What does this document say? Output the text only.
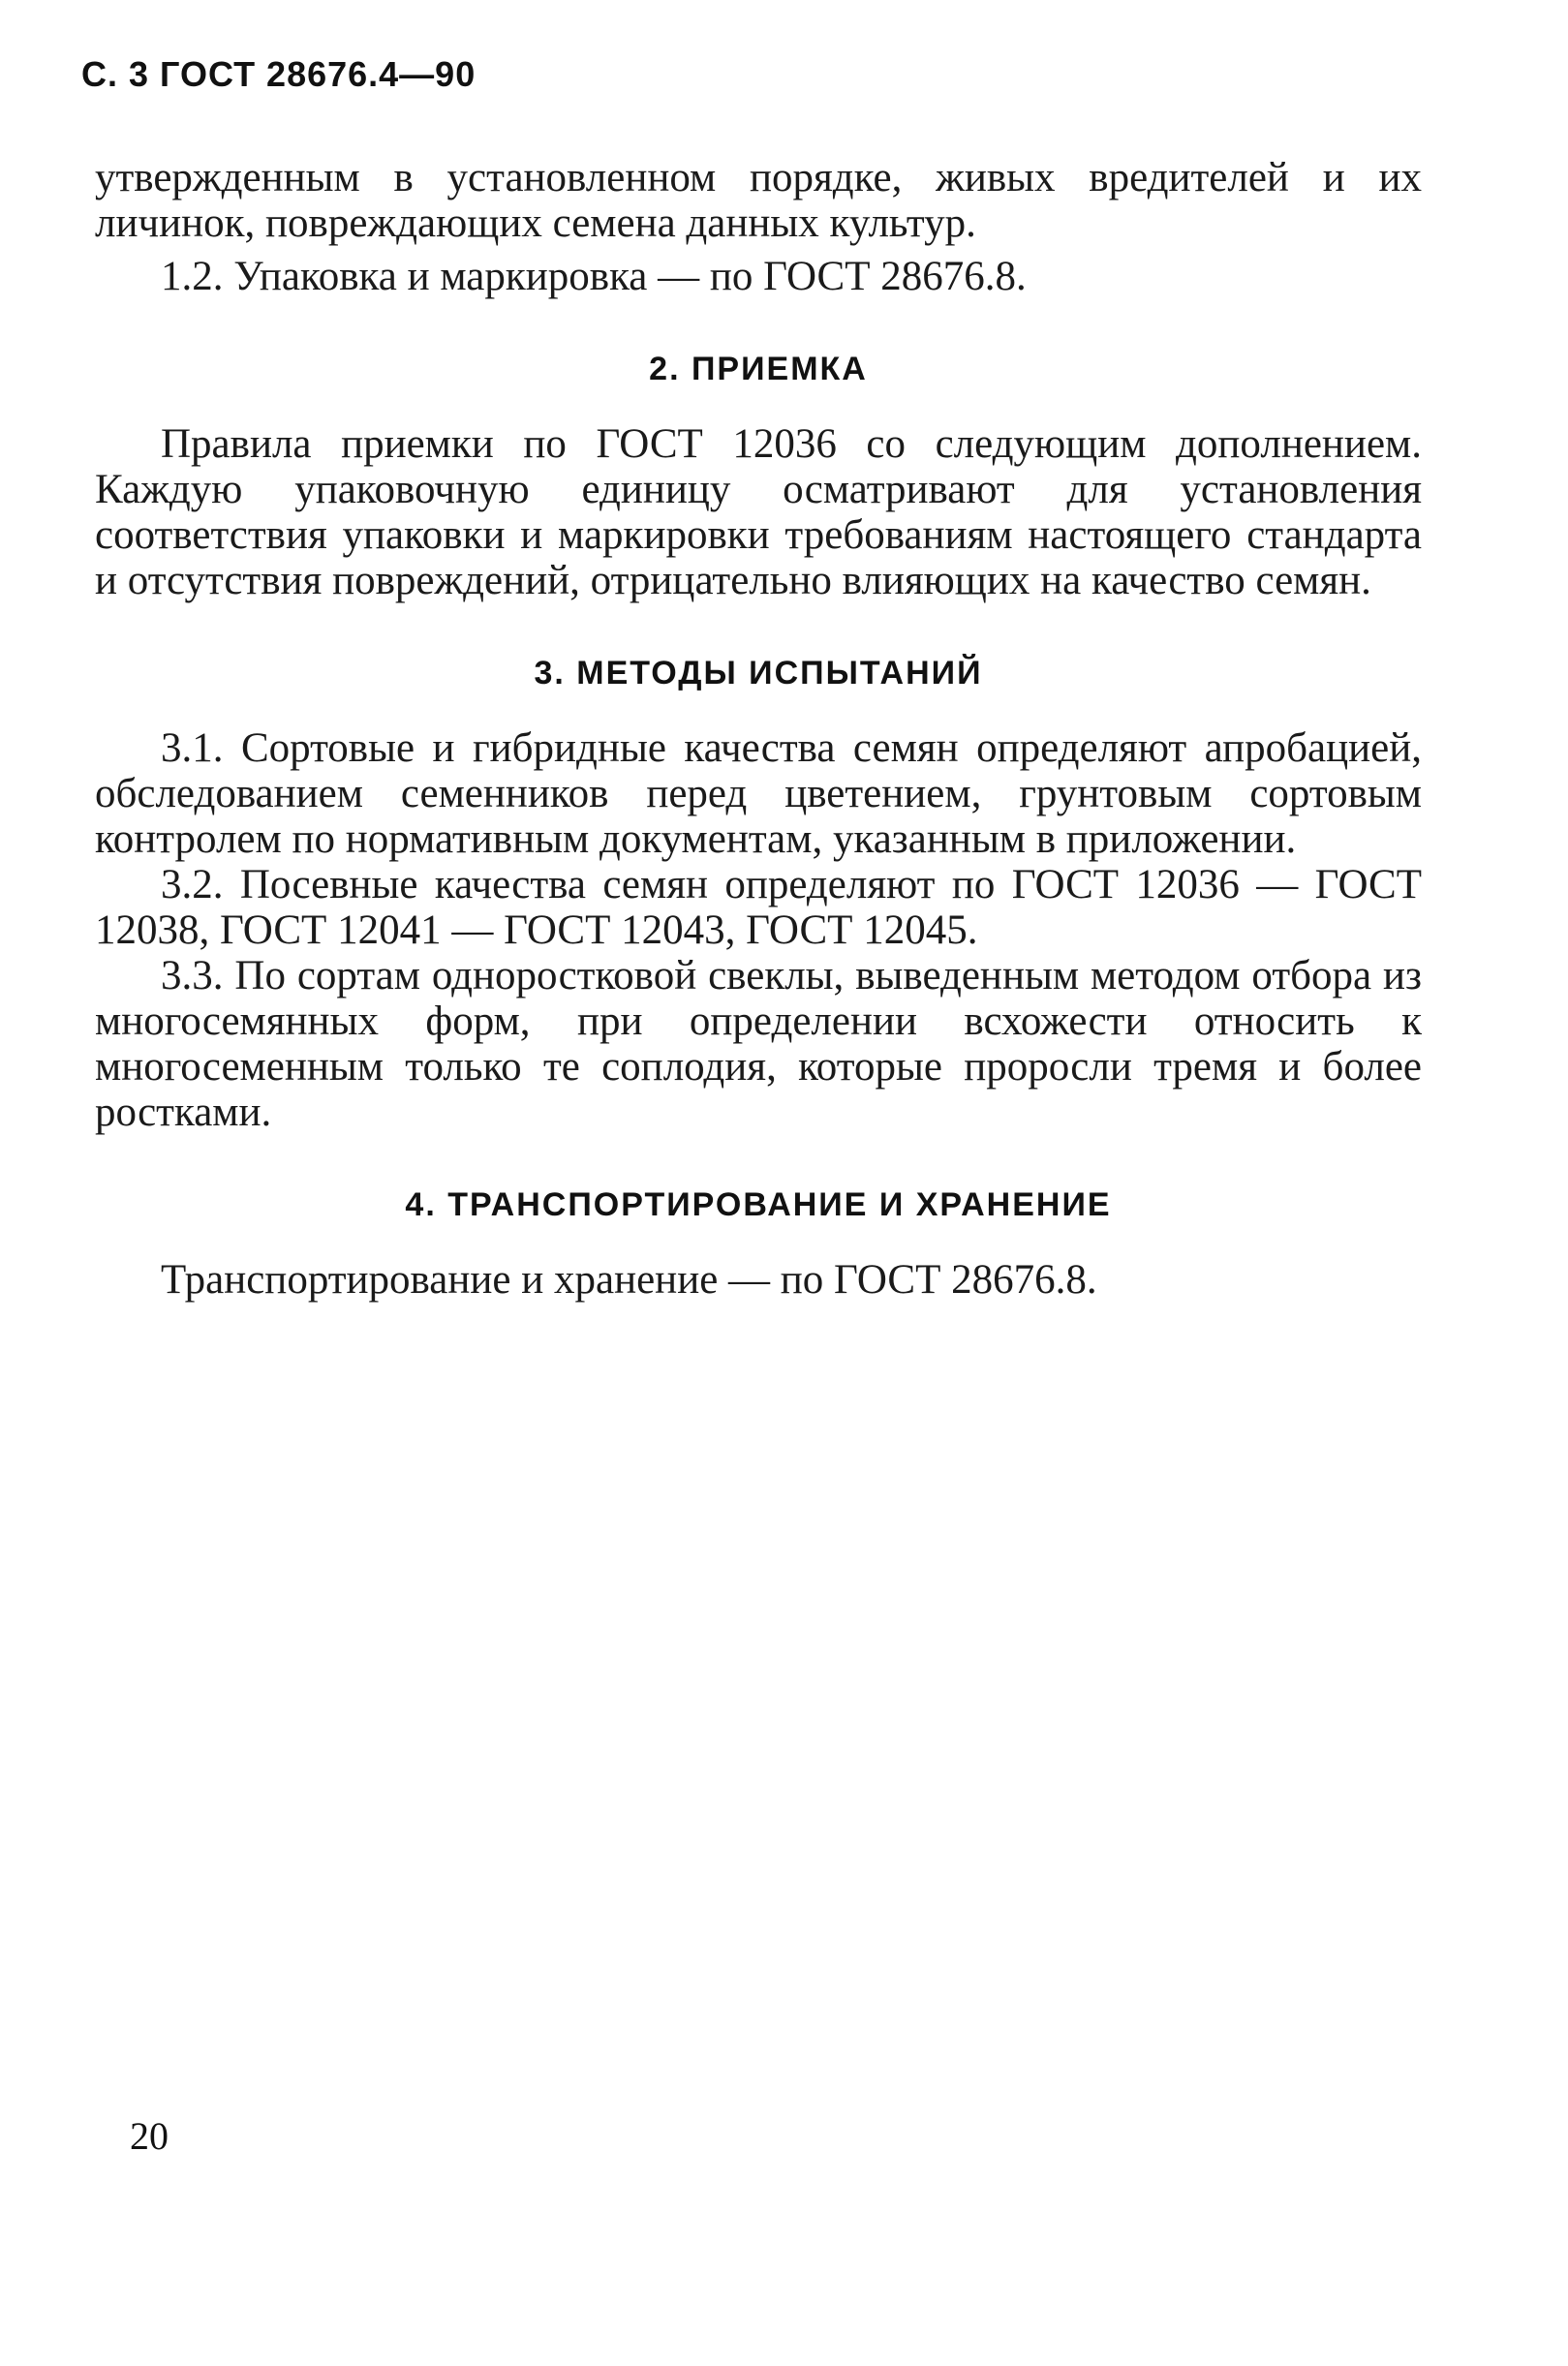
С. 3 ГОСТ 28676.4—90

утвержденным в установленном порядке, живых вредителей и их личинок, повреждающих семена данных культур.

1.2. Упаковка и маркировка — по ГОСТ 28676.8.

2. ПРИЕМКА

Правила приемки по ГОСТ 12036 со следующим дополнением. Каждую упаковочную единицу осматривают для установления соответствия упаковки и маркировки требованиям настоящего стандарта и отсутствия повреждений, отрицательно влияющих на качество семян.

3. МЕТОДЫ ИСПЫТАНИЙ

3.1. Сортовые и гибридные качества семян определяют апробацией, обследованием семенников перед цветением, грунтовым сортовым контролем по нормативным документам, указанным в приложении.

3.2. Посевные качества семян определяют по ГОСТ 12036 — ГОСТ 12038, ГОСТ 12041 — ГОСТ 12043, ГОСТ 12045.

3.3. По сортам одноростковой свеклы, выведенным методом отбора из многосемянных форм, при определении всхожести относить к многосеменным только те соплодия, которые проросли тремя и более ростками.

4. ТРАНСПОРТИРОВАНИЕ И ХРАНЕНИЕ

Транспортирование и хранение — по ГОСТ 28676.8.

20
